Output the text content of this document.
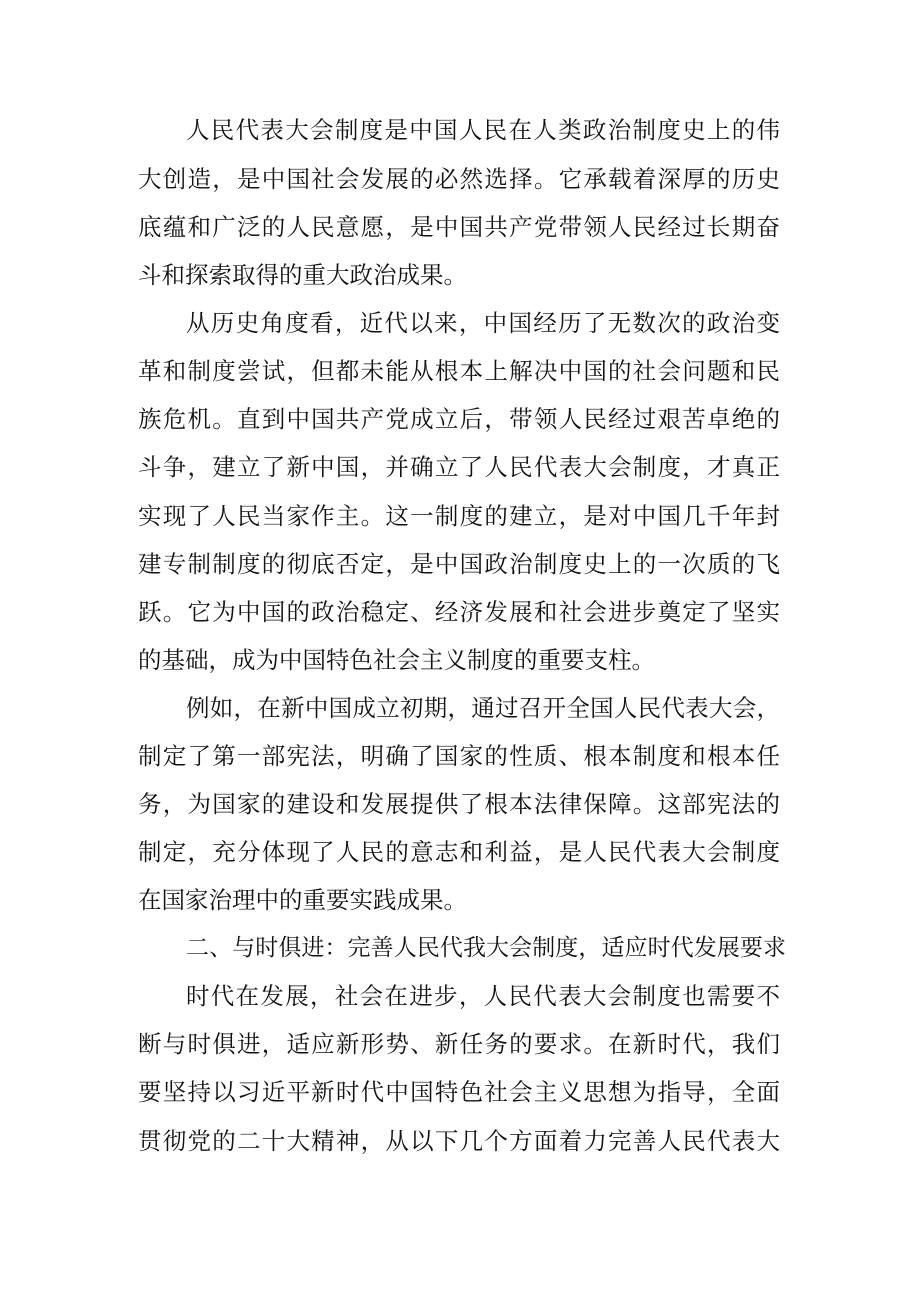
人民代表大会制度是中国人民在人类政治制度史上的伟
大创造，是中国社会发展的必然选择。它承载着深厚的历史
底蕴和广泛的人民意愿，是中国共产党带领人民经过长期奋
斗和探索取得的重大政治成果。
从历史角度看，近代以来，中国经历了无数次的政治变
革和制度尝试，但都未能从根本上解决中国的社会问题和民
族危机。直到中国共产党成立后，带领人民经过艰苦卓绝的
斗争，建立了新中国，并确立了人民代表大会制度，才真正
实现了人民当家作主。这一制度的建立，是对中国几千年封
建专制制度的彻底否定，是中国政治制度史上的一次质的飞
跃。它为中国的政治稳定、经济发展和社会进步奠定了坚实
的基础，成为中国特色社会主义制度的重要支柱。
例如，在新中国成立初期，通过召开全国人民代表大会，
制定了第一部宪法，明确了国家的性质、根本制度和根本任
务，为国家的建设和发展提供了根本法律保障。这部宪法的
制定，充分体现了人民的意志和利益，是人民代表大会制度
在国家治理中的重要实践成果。
二、与时俱进：完善人民代我大会制度，适应时代发展要求
时代在发展，社会在进步，人民代表大会制度也需要不
断与时俱进，适应新形势、新任务的要求。在新时代，我们
要坚持以习近平新时代中国特色社会主义思想为指导，全面
贯彻党的二十大精神，从以下几个方面着力完善人民代表大
